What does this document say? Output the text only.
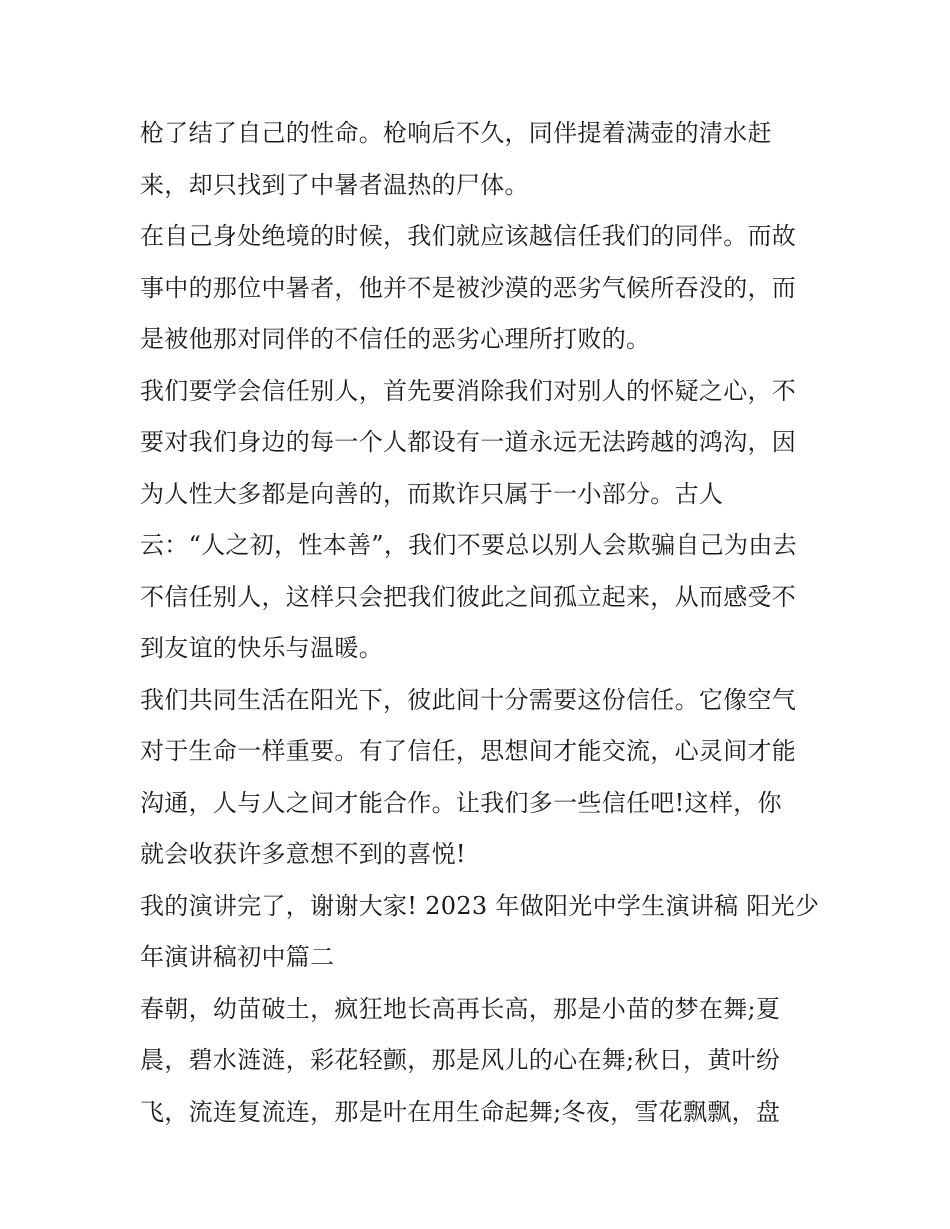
枪了结了自己的性命。枪响后不久，同伴提着满壶的清水赶
来，却只找到了中暑者温热的尸体。
在自己身处绝境的时候，我们就应该越信任我们的同伴。而故
事中的那位中暑者，他并不是被沙漠的恶劣气候所吞没的，而
是被他那对同伴的不信任的恶劣心理所打败的。
我们要学会信任别人，首先要消除我们对别人的怀疑之心，不
要对我们身边的每一个人都设有一道永远无法跨越的鸿沟，因
为人性大多都是向善的，而欺诈只属于一小部分。古人
云：“人之初，性本善”，我们不要总以别人会欺骗自己为由去
不信任别人，这样只会把我们彼此之间孤立起来，从而感受不
到友谊的快乐与温暖。
我们共同生活在阳光下，彼此间十分需要这份信任。它像空气
对于生命一样重要。有了信任，思想间才能交流，心灵间才能
沟通，人与人之间才能合作。让我们多一些信任吧!这样，你
就会收获许多意想不到的喜悦!
我的演讲完了，谢谢大家! 2023 年做阳光中学生演讲稿 阳光少
年演讲稿初中篇二
春朝，幼苗破土，疯狂地长高再长高，那是小苗的梦在舞;夏
晨，碧水涟涟，彩花轻颤，那是风儿的心在舞;秋日，黄叶纷
飞，流连复流连，那是叶在用生命起舞;冬夜，雪花飘飘，盘
